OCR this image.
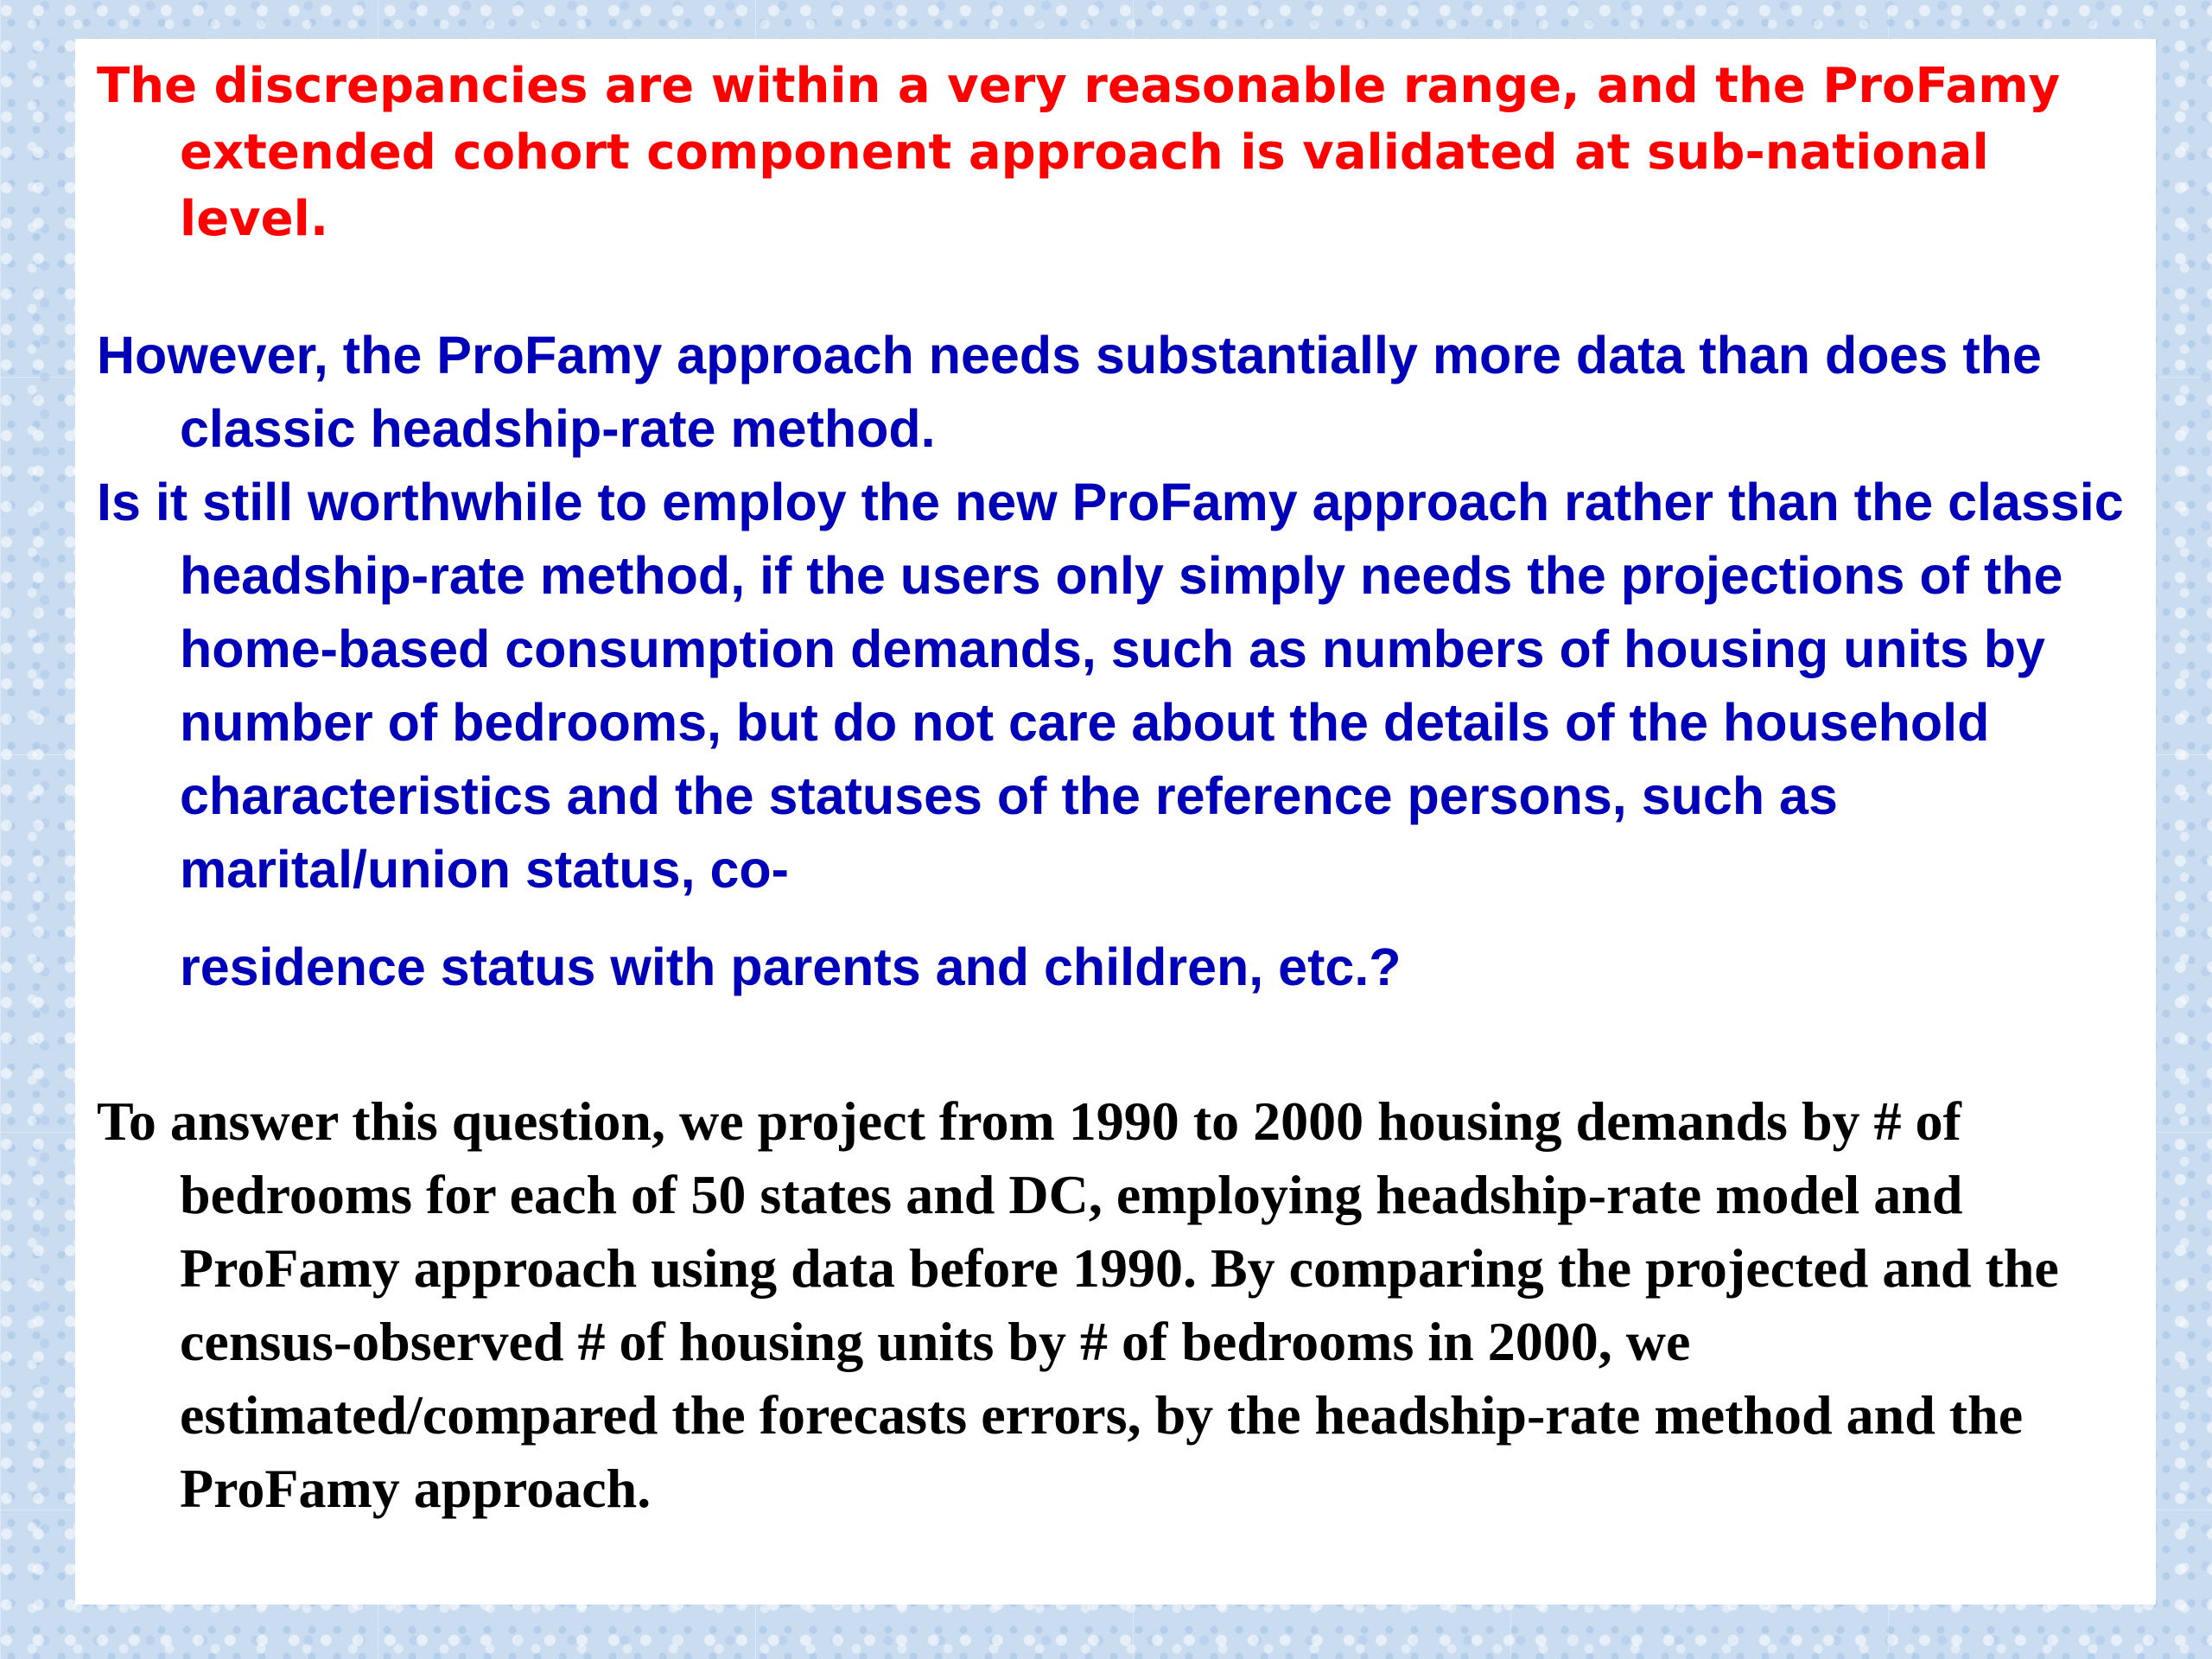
The discrepancies are within a very reasonable range, and the ProFamy extended cohort component approach is validated at sub-national level.

However, the ProFamy approach needs substantially more data than does the classic headship-rate method.

Is it still worthwhile to employ the new ProFamy approach rather than the classic headship-rate method, if the users only simply needs the projections of the home-based consumption demands, such as numbers of housing units by number of bedrooms, but do not care about the details of the household characteristics and the statuses of the reference persons, such as marital/union status, co-
residence status with parents and children, etc.?

To answer this question, we project from 1990 to 2000 housing demands by # of bedrooms for each of 50 states and DC, employing headship-rate model and ProFamy approach using data before 1990. By comparing the projected and the census-observed # of housing units by # of bedrooms in 2000, we estimated/compared the forecasts errors, by the headship-rate method and the ProFamy approach.
